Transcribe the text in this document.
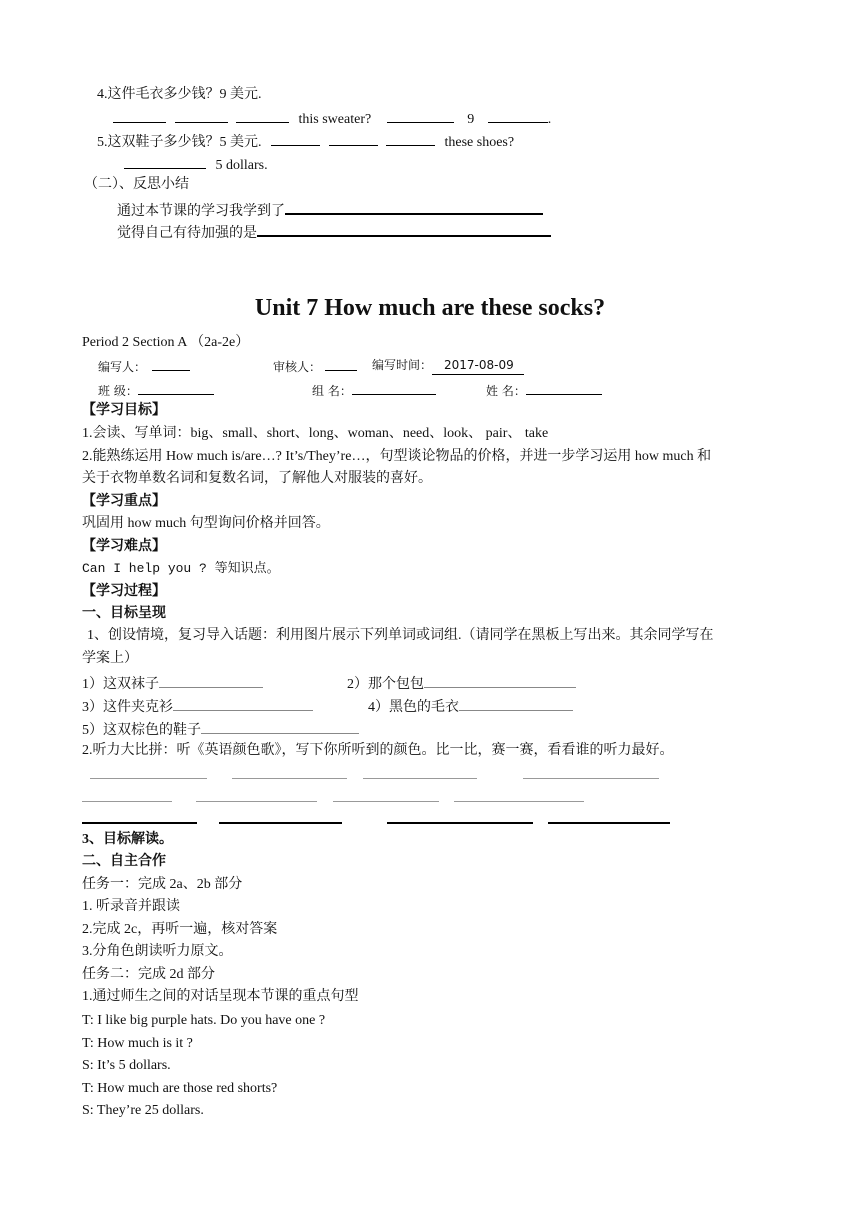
4.这件毛衣多少钱？9 美元.
this sweater?	9	.
5.这双鞋子多少钱？5 美元.	these shoes?
5 dollars.
（二）、反思小结
通过本节课的学习我学到了
觉得自己有待加强的是
Unit 7 How much are these socks?
Period 2 Section A （2a-2e）
编写人：	审核人：	编写时间： 2017-08-09
班 级：	组 名：	姓 名：
【学习目标】
1.会读、写单词：big、small、short、long、woman、need、look、 pair、 take
2.能熟练运用 How much is/are…? It’s/They’re…，句型谈论物品的价格，并进一步学习运用 how much 和
关于衣物单数名词和复数名词，了解他人对服装的喜好。
【学习重点】
巩固用 how much 句型询问价格并回答。
【学习难点】
Can I help you ? 等知识点。
【学习过程】
一、目标呈现
1、创设情境，复习导入话题：利用图片展示下列单词或词组.（请同学在黑板上写出来。其余同学写在
学案上）
1）这双袜子	2）那个包包
3）这件夹克衫	4）黑色的毛衣
5）这双棕色的鞋子
2.听力大比拼：听《英语颜色歌》，写下你所听到的颜色。比一比，赛一赛，看看谁的听力最好。
3、目标解读。
二、自主合作
任务一：完成 2a、2b 部分
1. 听录音并跟读
2.完成 2c，再听一遍，核对答案
3.分角色朗读听力原文。
任务二：完成 2d 部分
1.通过师生之间的对话呈现本节课的重点句型
T: I like big purple hats. Do you have one ?
T: How much is it ?
S: It’s 5 dollars.
T: How much are those red shorts?
S: They’re 25 dollars.
